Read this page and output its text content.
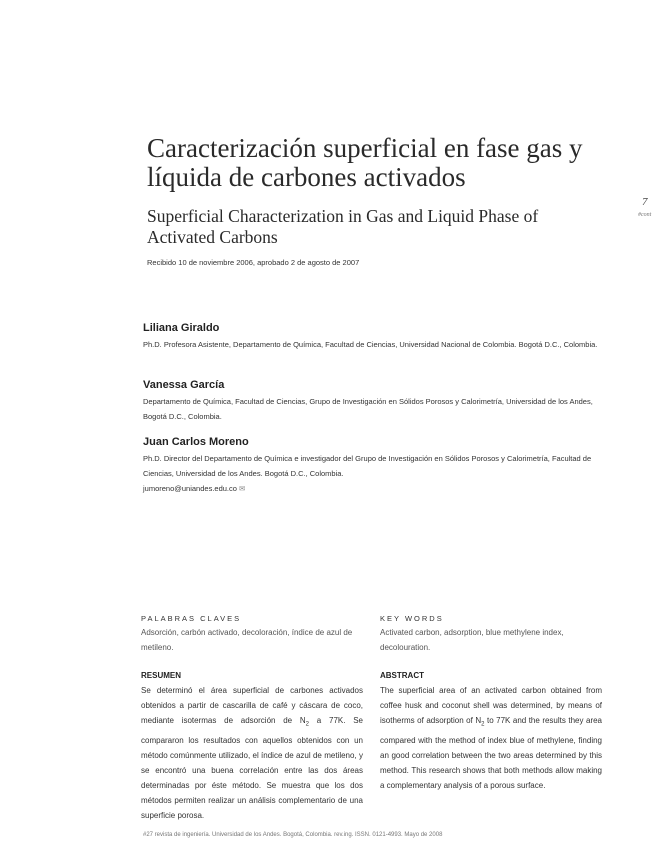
Caracterización superficial en fase gas y líquida de carbones activados
Superficial Characterization in Gas and Liquid Phase of Activated Carbons
Recibido 10 de noviembre 2006, aprobado 2 de agosto de 2007
7
#cont

Liliana Giraldo

Ph.D. Profesora Asistente, Departamento de Química, Facultad de Ciencias, Universidad Nacional de Colombia. Bogotá D.C., Colombia.

Vanessa García

Departamento de Química, Facultad de Ciencias, Grupo de Investigación en Sólidos Porosos y Calorimetría, Universidad de los Andes, Bogotá D.C., Colombia.

Juan Carlos Moreno

Ph.D. Director del Departamento de Química e investigador del Grupo de Investigación en Sólidos Porosos y Calorimetría, Facultad de Ciencias, Universidad de los Andes. Bogotá D.C., Colombia.

jumoreno@uniandes.edu.co ✉

PALABRAS CLAVES
Adsorción, carbón activado, decoloración, índice de azul de metileno.
KEY WORDS
Activated carbon, adsorption, blue methylene index, decolouration.
RESUMEN
Se determinó el área superficial de carbones activados obtenidos a partir de cascarilla de café y cáscara de coco, mediante isotermas de adsorción de $N_2$ a 77K. Se compararon los resultados con aquellos obtenidos con un método comúnmente utilizado, el índice de azul de metileno, y se encontró una buena correlación entre las dos áreas determinadas por éste método. Se muestra que los dos métodos permiten realizar un análisis complementario de una superficie porosa.
ABSTRACT
The superficial area of an activated carbon obtained from coffee husk and coconut shell was determined, by means of isotherms of adsorption of $N_2$ to 77K and the results they area compared with the method of index blue of methylene, finding an good correlation between the two areas determined by this method. This research shows that both methods allow making a complementary analysis of a porous surface.
#27 revista de ingeniería. Universidad de los Andes. Bogotá, Colombia. rev.ing. ISSN. 0121-4993. Mayo de 2008
